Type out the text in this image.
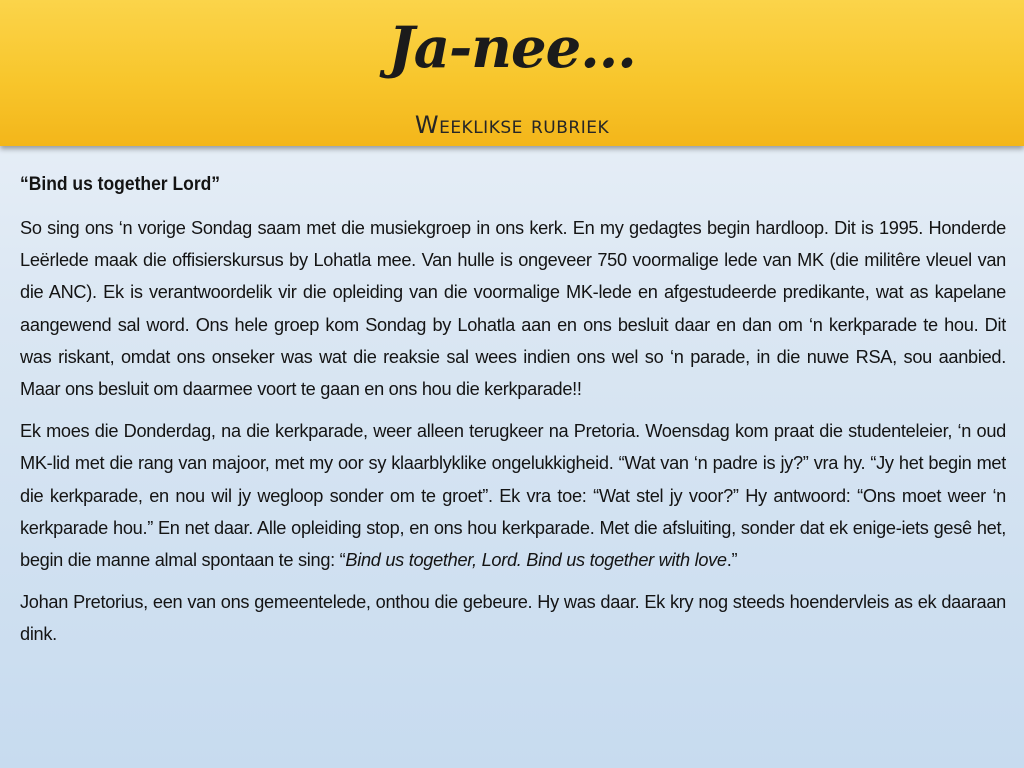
Ja-nee...
Weeklikse rubriek
“Bind us together Lord”

So sing ons ‘n vorige Sondag saam met die musiekgroep in ons kerk. En my gedagtes begin hardloop. Dit is 1995. Honderde Leërlede maak die offisierskursus by Lohatla mee. Van hulle is ongeveer 750 voormalige lede van MK (die militêre vleuel van die ANC). Ek is verantwoordelik vir die opleiding van die voormalige MK-lede en afgestudeerde predikante, wat as kapelane aangewend sal word. Ons hele groep kom Sondag by Lohatla aan en ons besluit daar en dan om ‘n kerkparade te hou. Dit was riskant, omdat ons onseker was wat die reaksie sal wees indien ons wel so ‘n parade, in die nuwe RSA, sou aanbied. Maar ons besluit om daarmee voort te gaan en ons hou die kerkparade!!

Ek moes die Donderdag, na die kerkparade, weer alleen terugkeer na Pretoria. Woensdag kom praat die studenteleier, ‘n oud MK-lid met die rang van majoor, met my oor sy klaarblyklike ongelukkigheid. “Wat van ‘n padre is jy?” vra hy. “Jy het begin met die kerkparade, en nou wil jy wegloop sonder om te groet”. Ek vra toe: “Wat stel jy voor?” Hy antwoord: “Ons moet weer ‘n kerkparade hou.” En net daar. Alle opleiding stop, en ons hou kerkparade. Met die afsluiting, sonder dat ek enige-iets gesê het, begin die manne almal spontaan te sing: “Bind us together, Lord. Bind us together with love.”

Johan Pretorius, een van ons gemeentelede, onthou die gebeure. Hy was daar. Ek kry nog steeds hoendervleis as ek daaraan dink.
